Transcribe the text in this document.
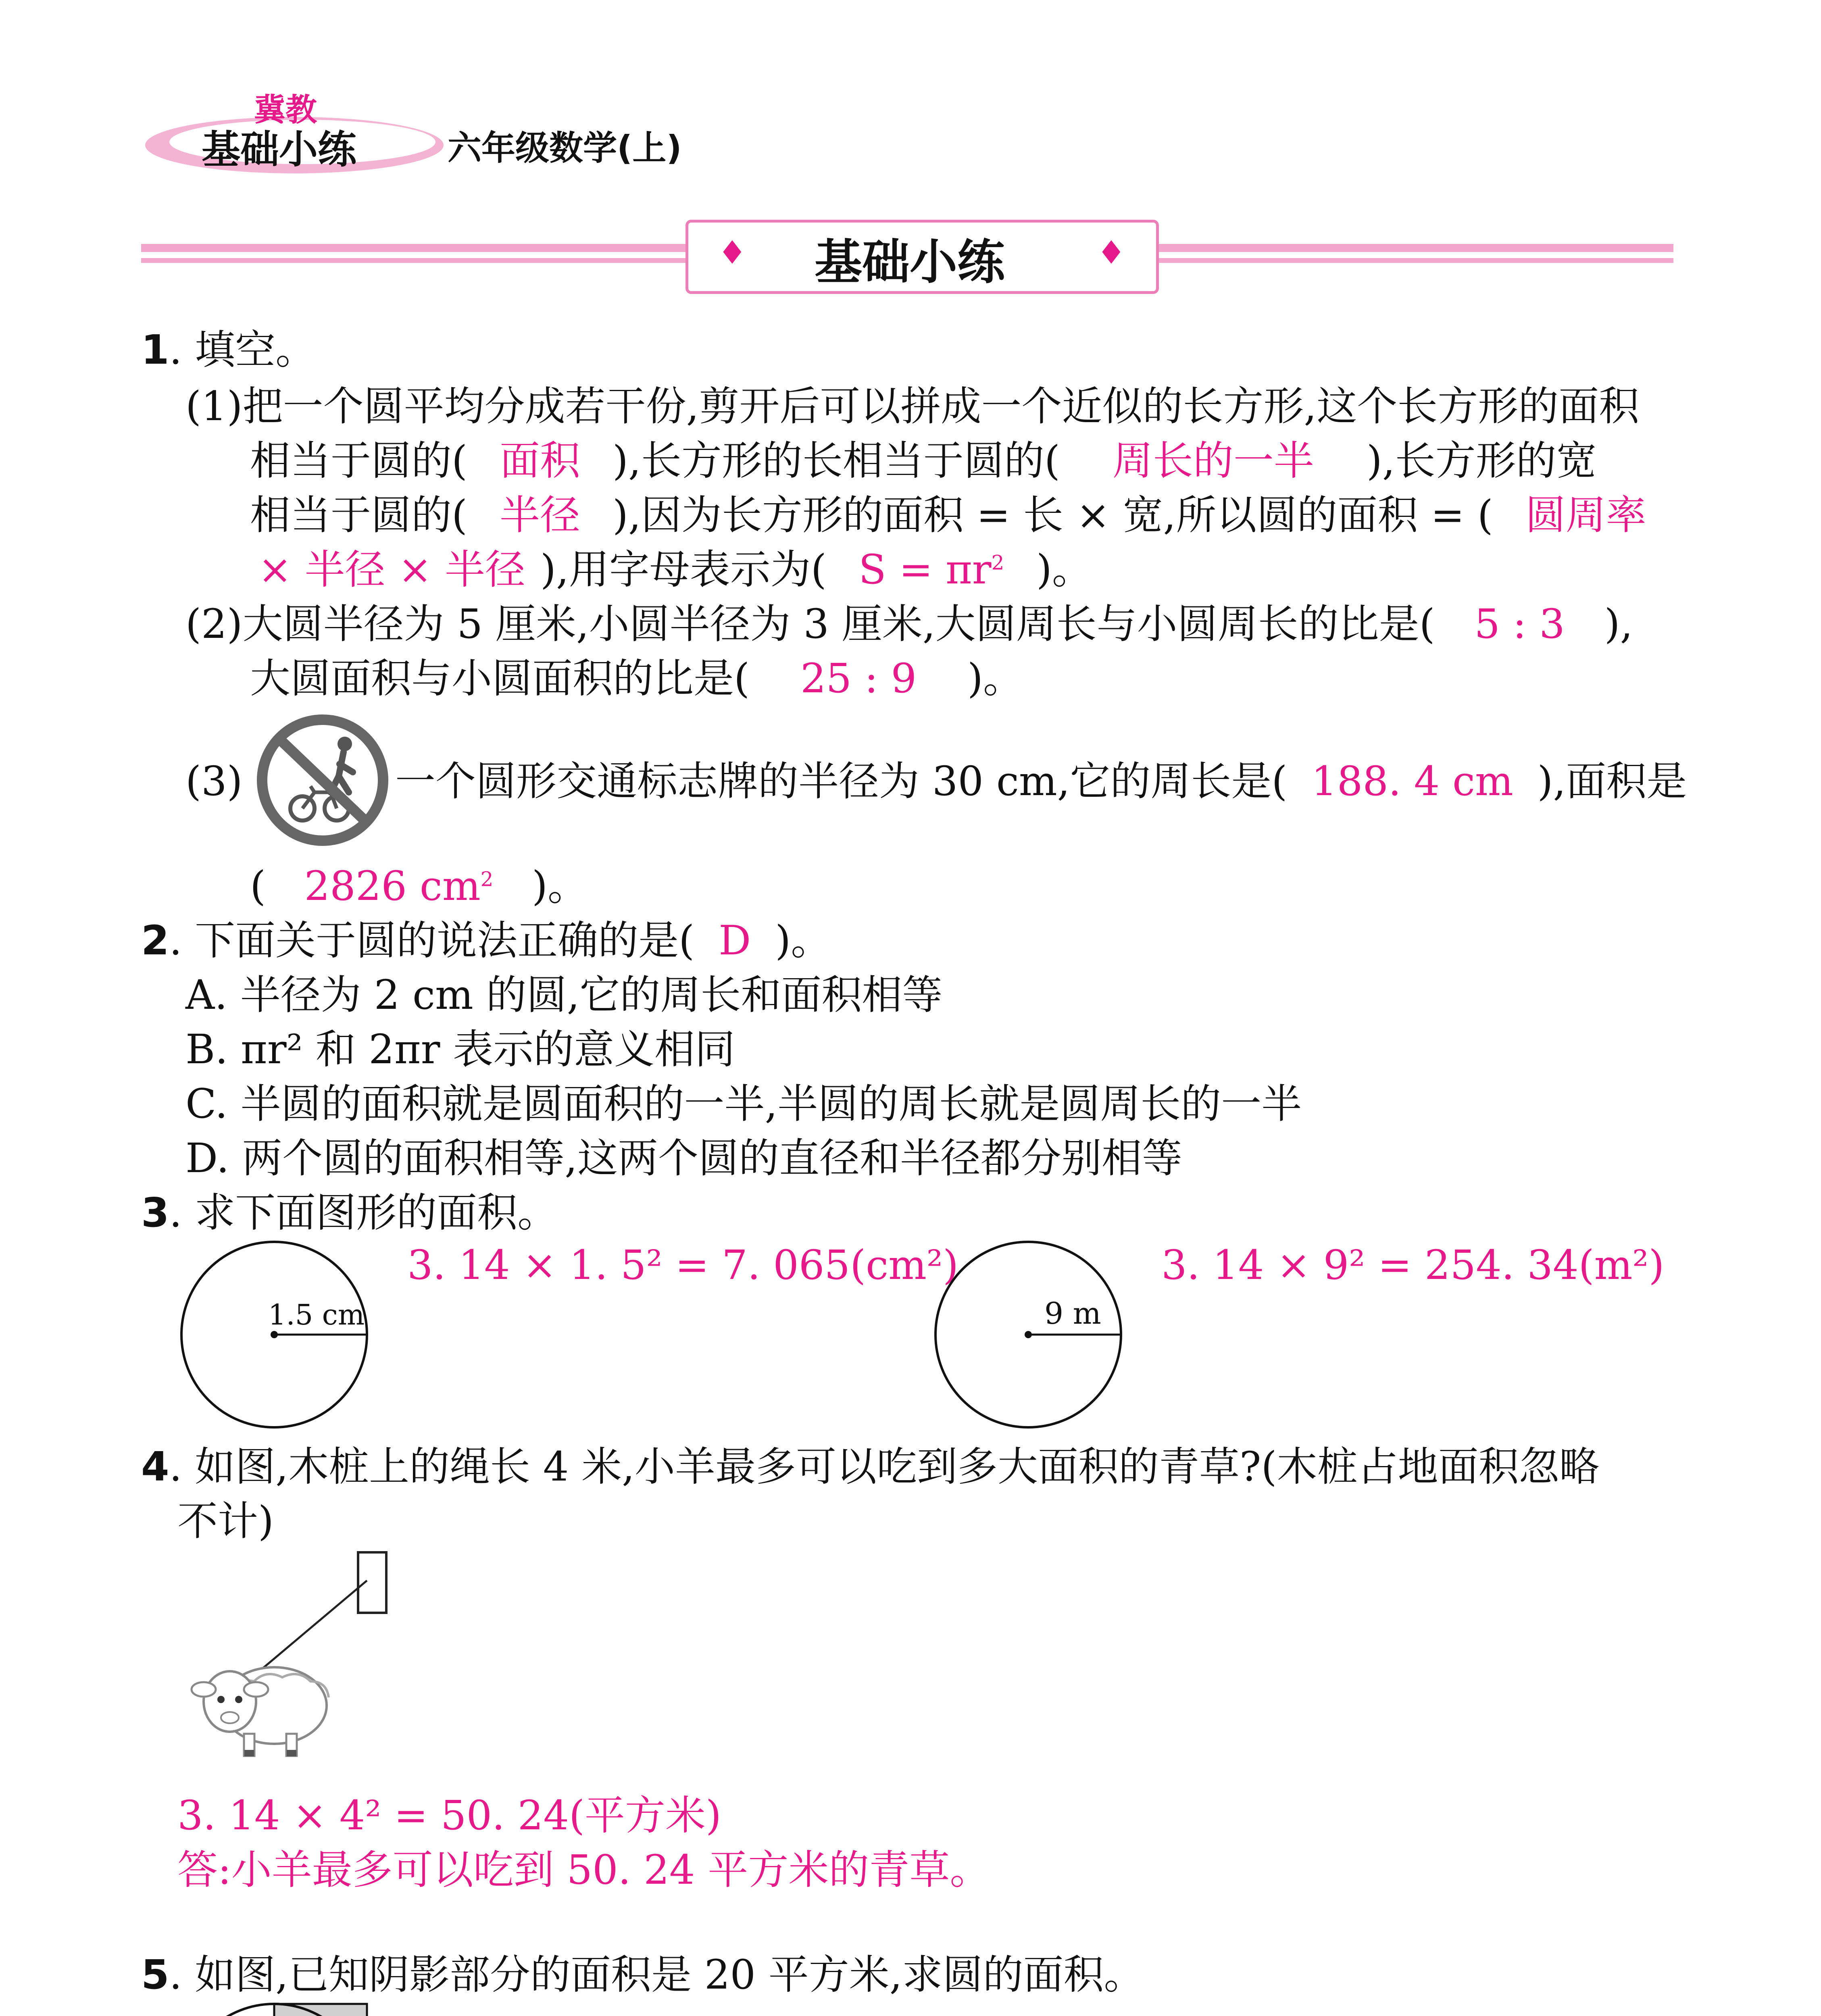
冀教
基础小练	六年级数学(上)
♦	♦
基础小练
1. 填空。
(1)把一个圆平均分成若干份,剪开后可以拼成一个近似的长方形,这个长方形的面积
相当于圆的( 面积 ),长方形的长相当于圆的( 周长的一半 ),长方形的宽
相当于圆的( 半径 ),因为长方形的面积 = 长 × 宽,所以圆的面积 = ( 圆周率
× 半径 × 半径 ),用字母表示为( $S = \pi r^2$ )。
(2)大圆半径为 5 厘米,小圆半径为 3 厘米,大圆周长与小圆周长的比是( 5 : 3 ),
大圆面积与小圆面积的比是( 25 : 9 )。
(3)	一个圆形交通标志牌的半径为 30 cm,它的周长是( 188. 4 cm ),面积是
( 2826 $cm^2$ )。
2. 下面关于圆的说法正确的是( D )。
A. 半径为 2 cm 的圆,它的周长和面积相等
B. πr² 和 2πr 表示的意义相同
C. 半圆的面积就是圆面积的一半,半圆的周长就是圆周长的一半
D. 两个圆的面积相等,这两个圆的直径和半径都分别相等
3. 求下面图形的面积。
1.5 cm
3. 14 × 1. 5² = 7. 065(cm²)
9 m
3. 14 × 9² = 254. 34(m²)
4. 如图,木桩上的绳长 4 米,小羊最多可以吃到多大面积的青草?(木桩占地面积忽略
不计)
3. 14 × 4² = 50. 24(平方米)
答:小羊最多可以吃到 50. 24 平方米的青草。
5. 如图,已知阴影部分的面积是 20 平方米,求圆的面积。
